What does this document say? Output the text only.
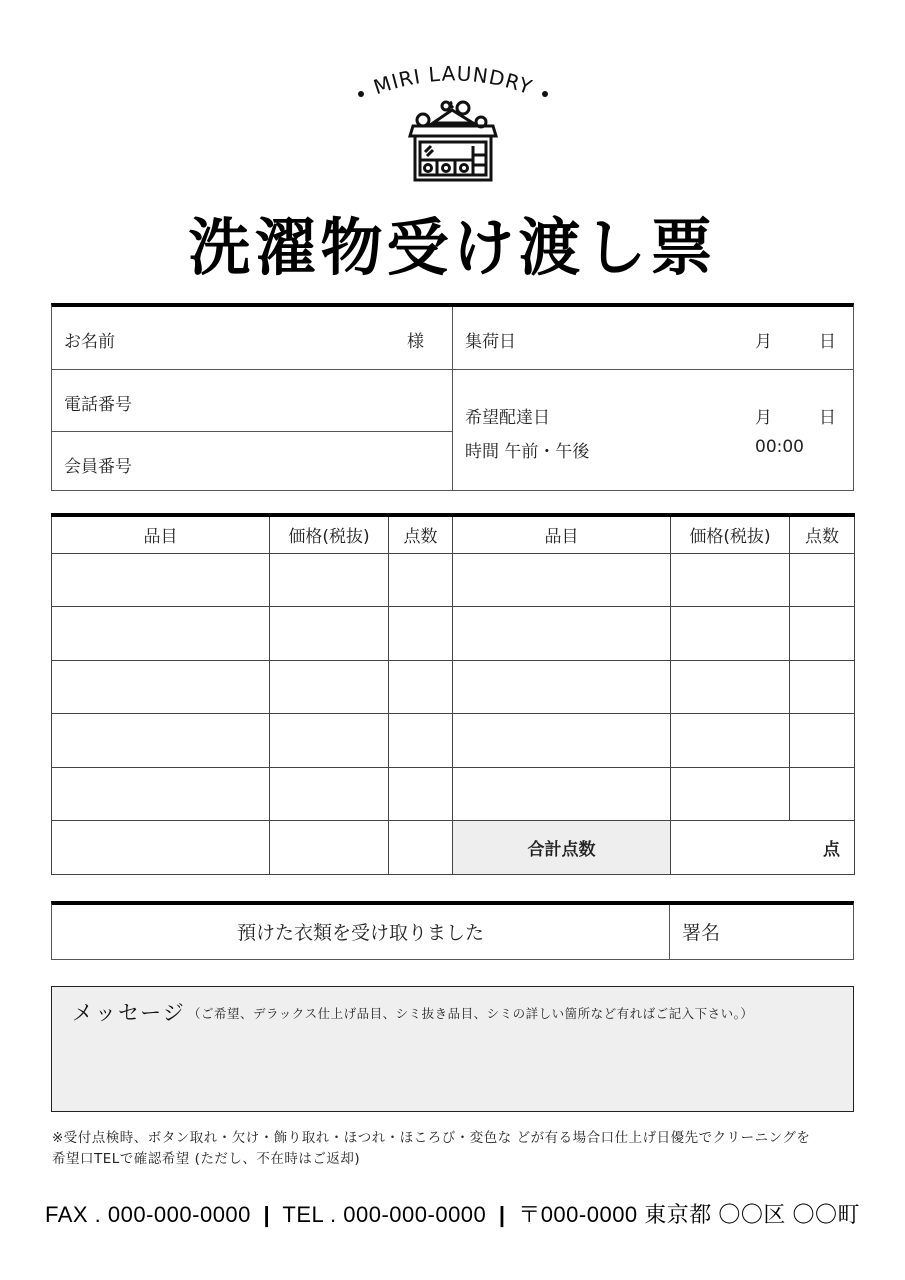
MIRI LAUNDRY
洗濯物受け渡し票
お名前	様
電話番号
会員番号
集荷日	月	日
希望配達日	月	日
時間 午前・午後	00:00
品目	価格(税抜)	点数	品目	価格(税抜)	点数

			合計点数	点	
預けた衣類を受け取りました	署名
メッセージ （ご希望、デラックス仕上げ品目、シミ抜き品目、シミの詳しい箇所など有ればご記入下さい。）
※受付点検時、ボタン取れ・欠け・飾り取れ・ほつれ・ほころび・変色な どが有る場合口仕上げ日優先でクリーニングを
希望口TELで確認希望 (ただし、不在時はご返却)
FAX . 000-000-0000 | TEL . 000-000-0000 | 〒000-0000 東京都 〇〇区 〇〇町
